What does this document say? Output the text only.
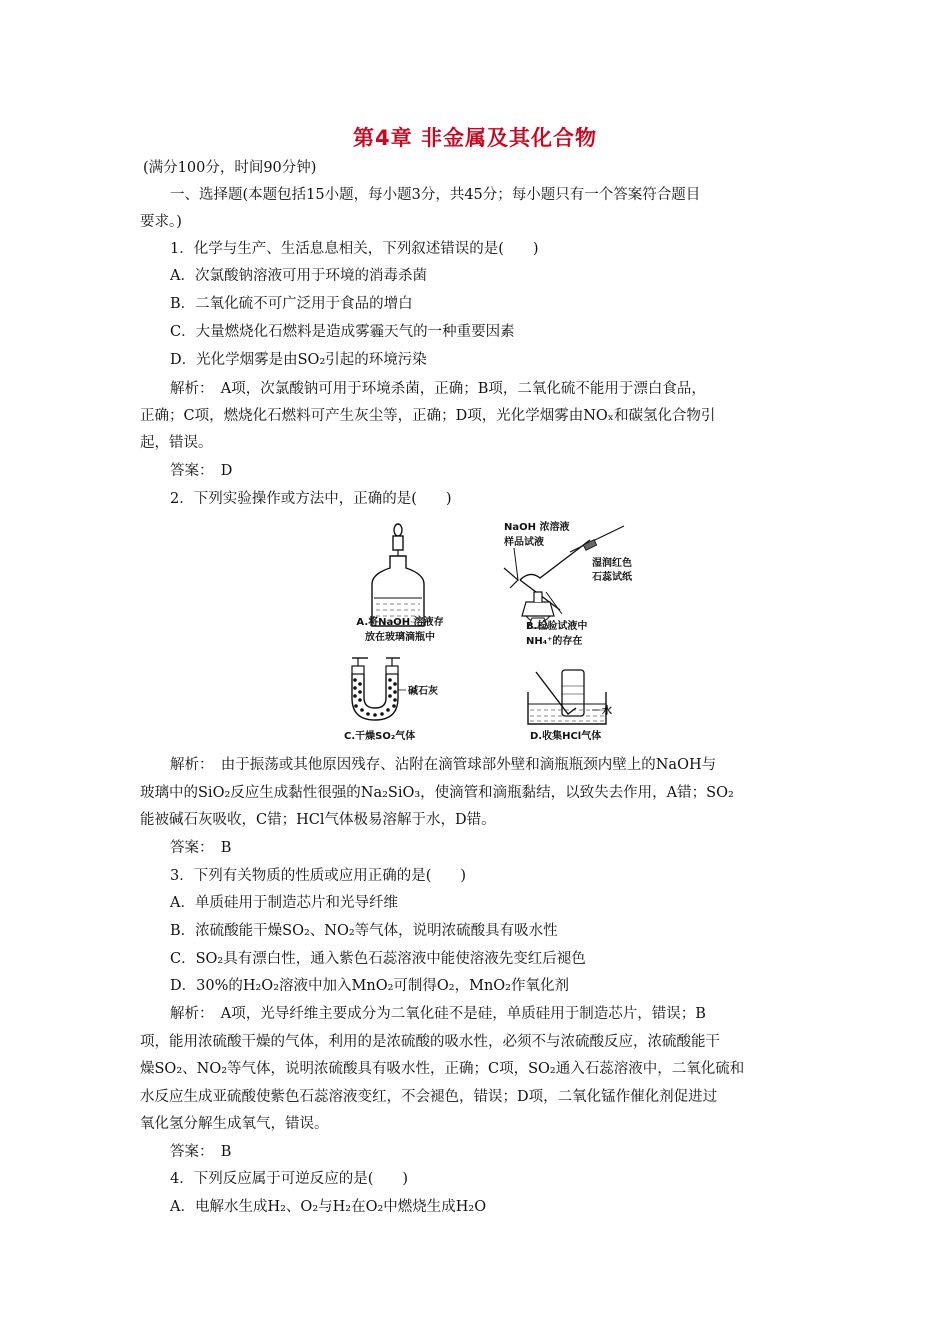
第4章 非金属及其化合物
(满分100分，时间90分钟)
一、选择题(本题包括15小题，每小题3分，共45分；每小题只有一个答案符合题目
要求。)
1．化学与生产、生活息息相关，下列叙述错误的是(　　)
A．次氯酸钠溶液可用于环境的消毒杀菌
B．二氧化硫不可广泛用于食品的增白
C．大量燃烧化石燃料是造成雾霾天气的一种重要因素
D．光化学烟雾是由SO₂引起的环境污染
解析：　A项，次氯酸钠可用于环境杀菌，正确；B项，二氧化硫不能用于漂白食品，
正确；C项，燃烧化石燃料可产生灰尘等，正确；D项，光化学烟雾由NOₓ和碳氢化合物引
起，错误。
答案：　D
2．下列实验操作或方法中，正确的是(　　)
A.将NaOH 溶液存
放在玻璃滴瓶中
NaOH 浓溶液
样品试液
湿润红色
石蕊试纸
B.检验试液中
NH₄⁺的存在
碱石灰
C.干燥SO₂气体
水
D.收集HCl气体
解析：　由于振荡或其他原因残存、沾附在滴管球部外壁和滴瓶瓶颈内壁上的NaOH与
玻璃中的SiO₂反应生成黏性很强的Na₂SiO₃，使滴管和滴瓶黏结，以致失去作用，A错；SO₂
能被碱石灰吸收，C错；HCl气体极易溶解于水，D错。
答案：　B
3．下列有关物质的性质或应用正确的是(　　)
A．单质硅用于制造芯片和光导纤维
B．浓硫酸能干燥SO₂、NO₂等气体，说明浓硫酸具有吸水性
C．SO₂具有漂白性，通入紫色石蕊溶液中能使溶液先变红后褪色
D．30%的H₂O₂溶液中加入MnO₂可制得O₂，MnO₂作氧化剂
解析：　A项，光导纤维主要成分为二氧化硅不是硅，单质硅用于制造芯片，错误；B
项，能用浓硫酸干燥的气体，利用的是浓硫酸的吸水性，必须不与浓硫酸反应，浓硫酸能干
燥SO₂、NO₂等气体，说明浓硫酸具有吸水性，正确；C项，SO₂通入石蕊溶液中，二氧化硫和
水反应生成亚硫酸使紫色石蕊溶液变红，不会褪色，错误；D项，二氧化锰作催化剂促进过
氧化氢分解生成氧气，错误。
答案：　B
4．下列反应属于可逆反应的是(　　)
A．电解水生成H₂、O₂与H₂在O₂中燃烧生成H₂O
